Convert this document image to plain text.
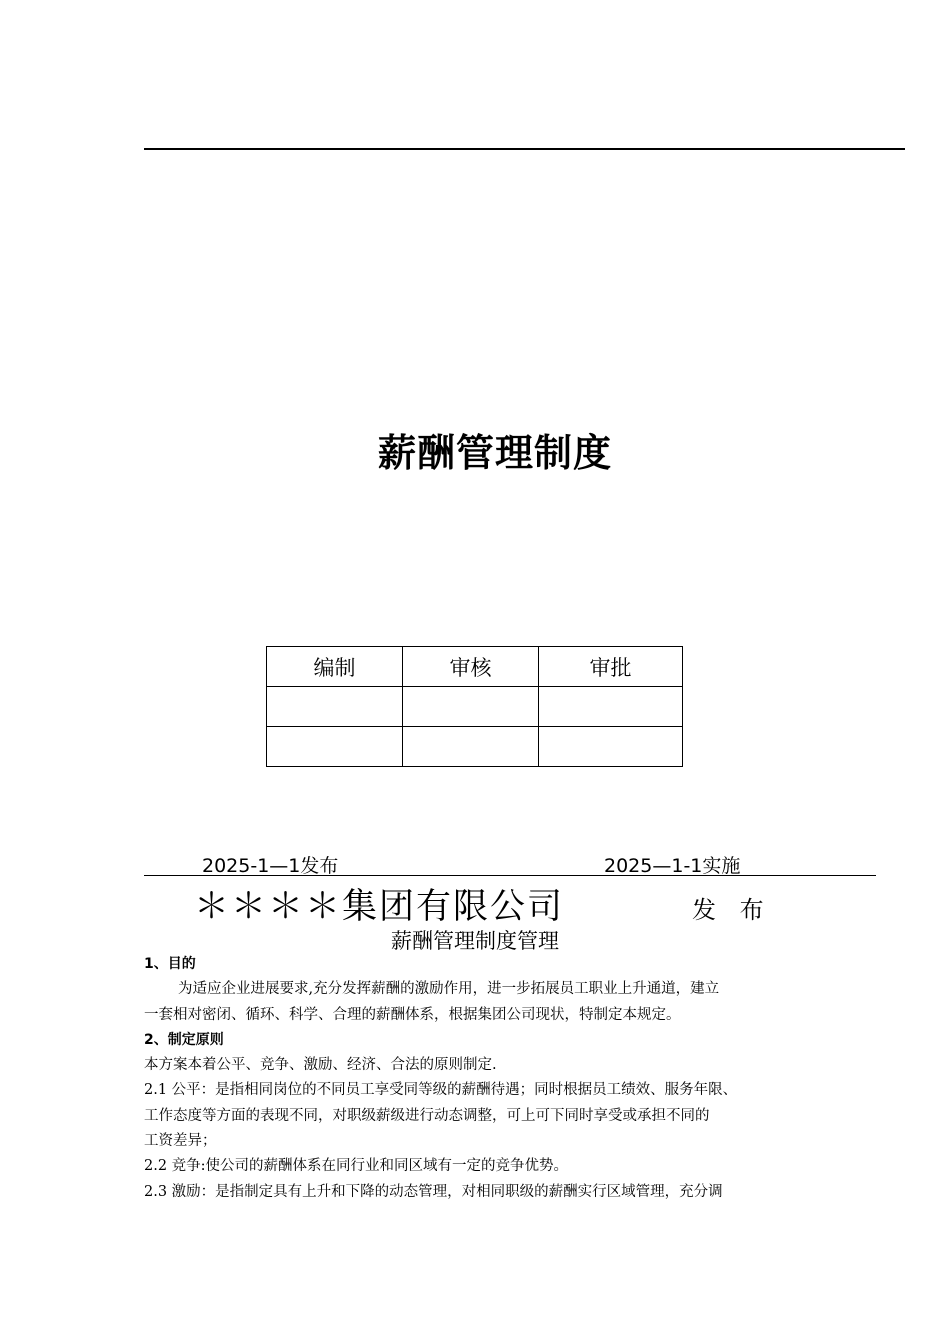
薪酬管理制度
编制	审核	审批

2025-1—1发布	2025—1-1实施
＊＊＊＊集团有限公司	发 布
薪酬管理制度管理

1、目的

为适应企业进展要求,充分发挥薪酬的激励作用，进一步拓展员工职业上升通道，建立

一套相对密闭、循环、科学、合理的薪酬体系，根据集团公司现状，特制定本规定。

2、制定原则

本方案本着公平、竞争、激励、经济、合法的原则制定.

2.1 公平：是指相同岗位的不同员工享受同等级的薪酬待遇；同时根据员工绩效、服务年限、

工作态度等方面的表现不同，对职级薪级进行动态调整，可上可下同时享受或承担不同的

工资差异；

2.2 竞争:使公司的薪酬体系在同行业和同区域有一定的竞争优势。

2.3 激励：是指制定具有上升和下降的动态管理，对相同职级的薪酬实行区域管理，充分调
